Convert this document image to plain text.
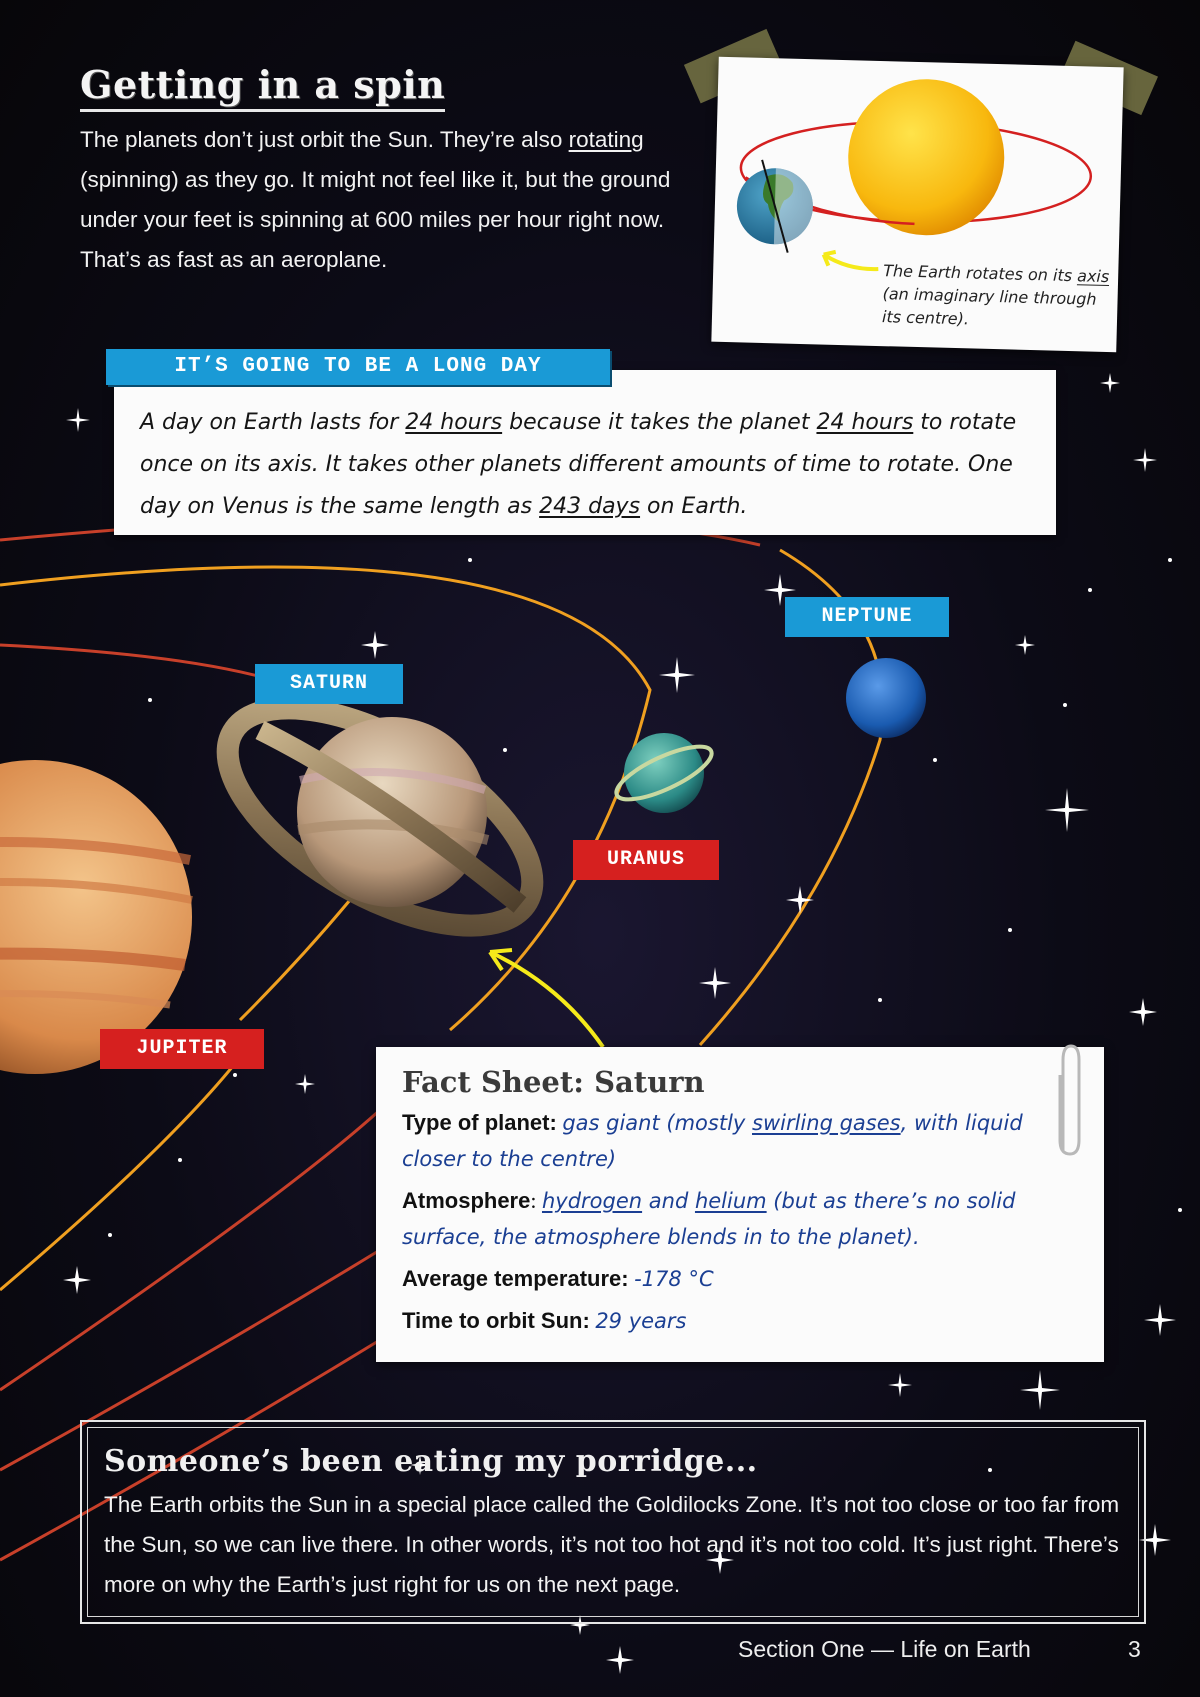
Getting in a spin

The planets don’t just orbit the Sun. They’re also rotating (spinning) as they go. It might not feel like it, but the ground under your feet is spinning at 600 miles per hour right now. That’s as fast as an aeroplane.

The Earth rotates on its axis (an imaginary line through its centre).
IT’S GOING TO BE A LONG DAY

A day on Earth lasts for 24 hours because it takes the planet 24 hours to rotate once on its axis. It takes other planets different amounts of time to rotate. One day on Venus is the same length as 243 days on Earth.

NEPTUNE
SATURN
URANUS
JUPITER
Fact Sheet: Saturn
Type of planet: gas giant (mostly swirling gases, with liquid closer to the centre)
Atmosphere: hydrogen and helium (but as there’s no solid surface, the atmosphere blends in to the planet).
Average temperature: -178 °C
Time to orbit Sun: 29 years
Someone’s been eating my porridge...

The Earth orbits the Sun in a special place called the Goldilocks Zone. It’s not too close or too far from the Sun, so we can live there. In other words, it’s not too hot and it’s not too cold. It’s just right. There’s more on why the Earth’s just right for us on the next page.

Section One — Life on Earth	3
